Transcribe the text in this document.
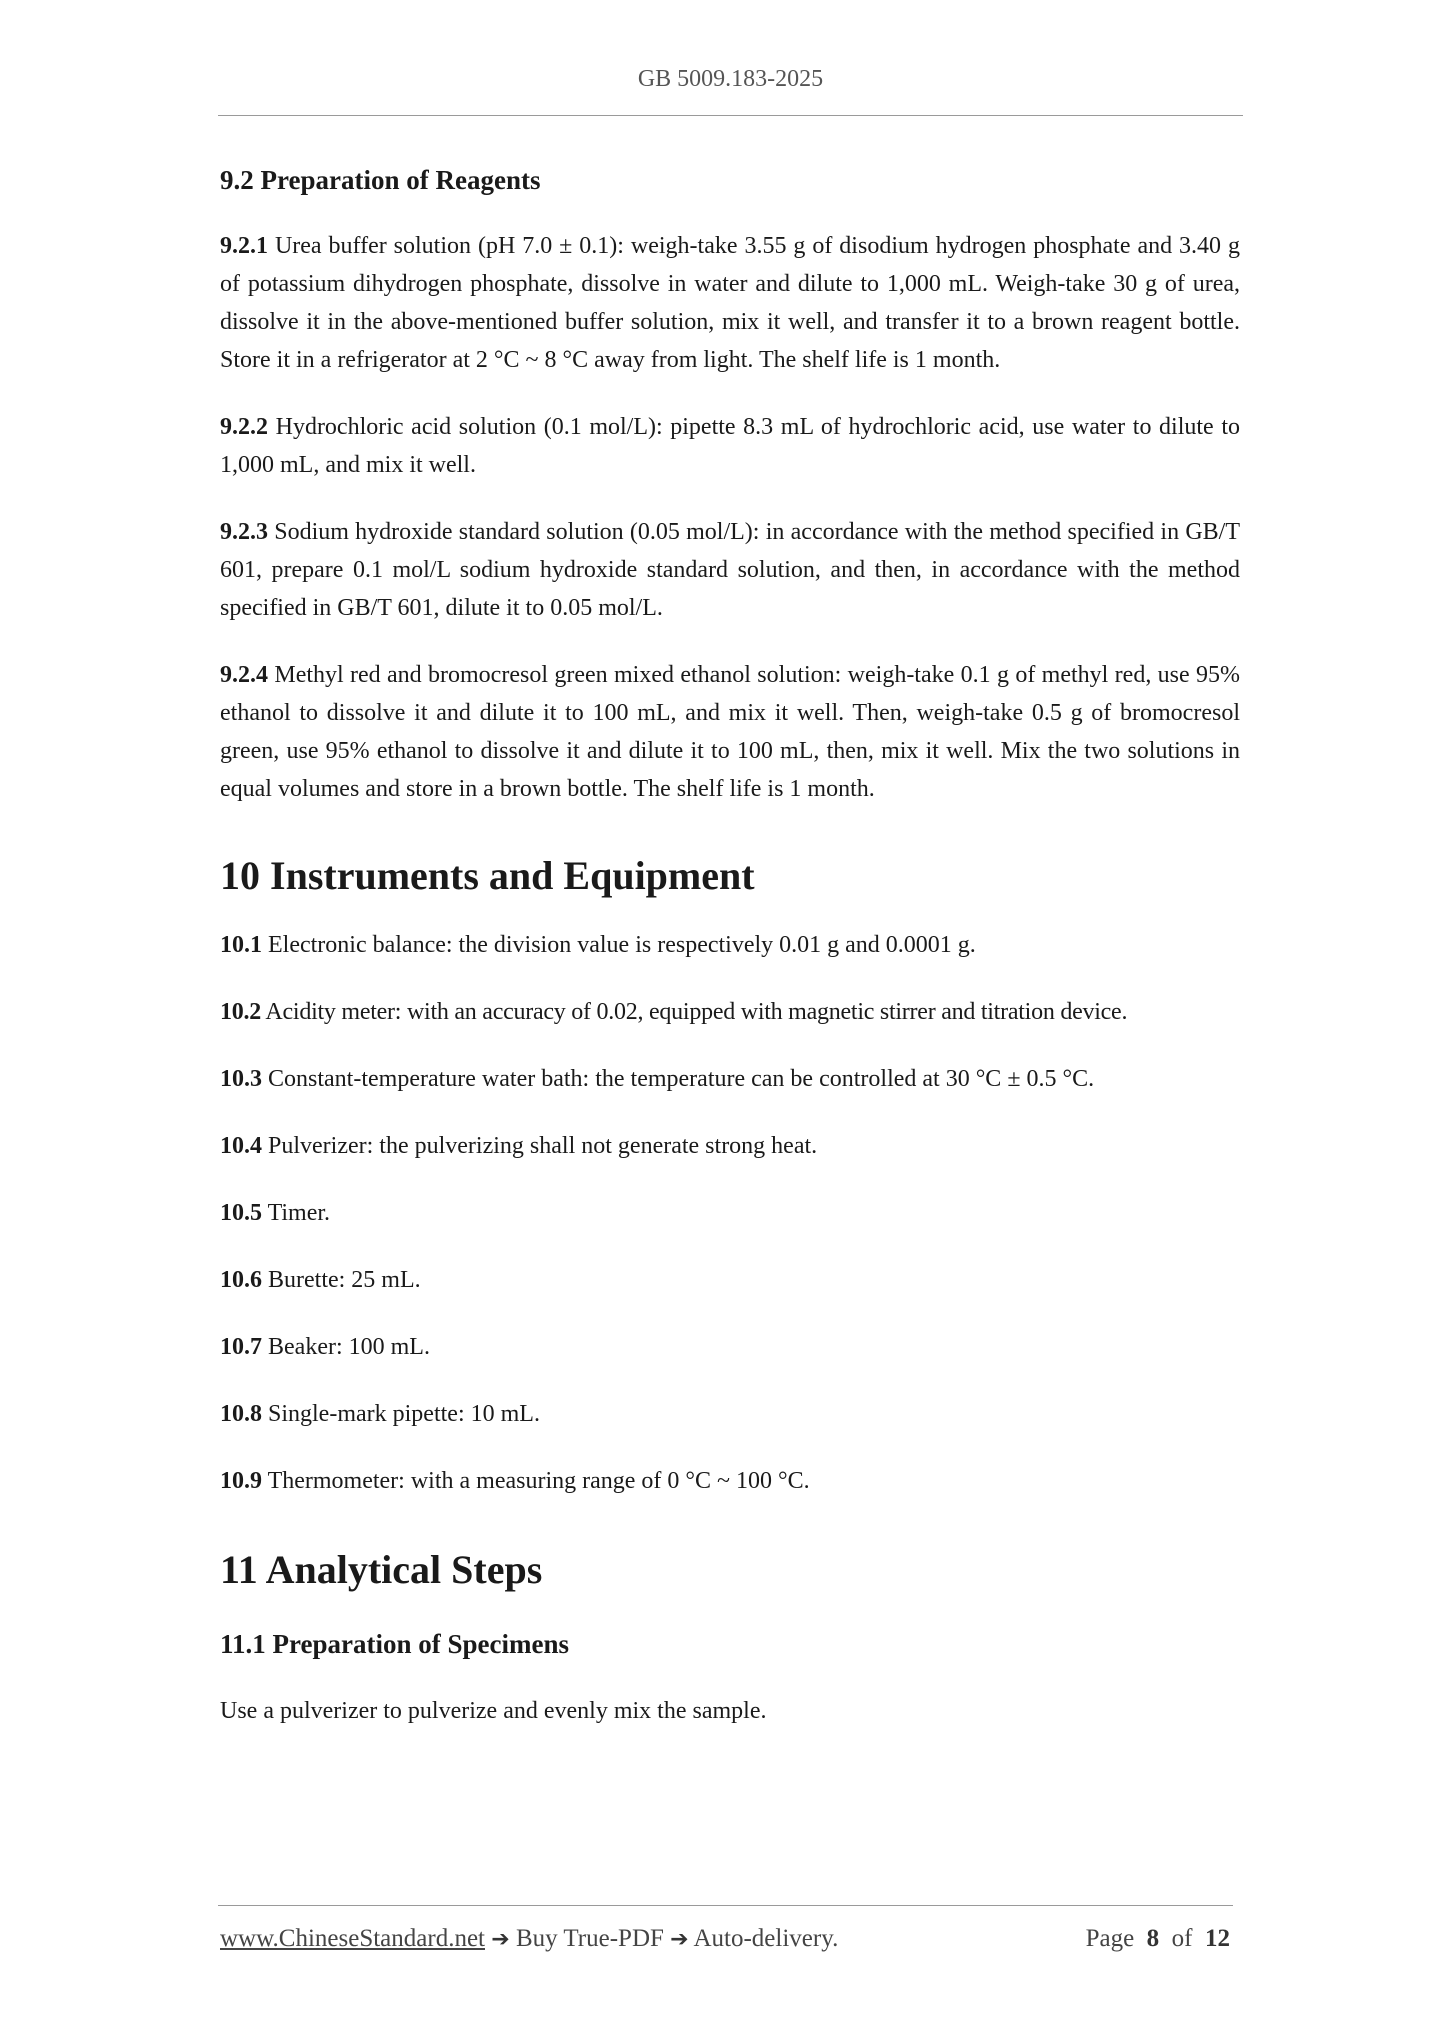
GB 5009.183-2025

9.2 Preparation of Reagents

9.2.1 Urea buffer solution (pH 7.0 ± 0.1): weigh-take 3.55 g of disodium hydrogen phosphate and 3.40 g of potassium dihydrogen phosphate, dissolve in water and dilute to 1,000 mL. Weigh-take 30 g of urea, dissolve it in the above-mentioned buffer solution, mix it well, and transfer it to a brown reagent bottle. Store it in a refrigerator at 2 °C ~ 8 °C away from light. The shelf life is 1 month.

9.2.2 Hydrochloric acid solution (0.1 mol/L): pipette 8.3 mL of hydrochloric acid, use water to dilute to 1,000 mL, and mix it well.

9.2.3 Sodium hydroxide standard solution (0.05 mol/L): in accordance with the method specified in GB/T 601, prepare 0.1 mol/L sodium hydroxide standard solution, and then, in accordance with the method specified in GB/T 601, dilute it to 0.05 mol/L.

9.2.4 Methyl red and bromocresol green mixed ethanol solution: weigh-take 0.1 g of methyl red, use 95% ethanol to dissolve it and dilute it to 100 mL, and mix it well. Then, weigh-take 0.5 g of bromocresol green, use 95% ethanol to dissolve it and dilute it to 100 mL, then, mix it well. Mix the two solutions in equal volumes and store in a brown bottle. The shelf life is 1 month.

10 Instruments and Equipment

10.1 Electronic balance: the division value is respectively 0.01 g and 0.0001 g.

10.2 Acidity meter: with an accuracy of 0.02, equipped with magnetic stirrer and titration device.

10.3 Constant-temperature water bath: the temperature can be controlled at 30 °C ± 0.5 °C.

10.4 Pulverizer: the pulverizing shall not generate strong heat.

10.5 Timer.

10.6 Burette: 25 mL.

10.7 Beaker: 100 mL.

10.8 Single-mark pipette: 10 mL.

10.9 Thermometer: with a measuring range of 0 °C ~ 100 °C.

11 Analytical Steps

11.1 Preparation of Specimens

Use a pulverizer to pulverize and evenly mix the sample.

www.ChineseStandard.net ➔ Buy True-PDF ➔ Auto-delivery.	Page 8 of 12
